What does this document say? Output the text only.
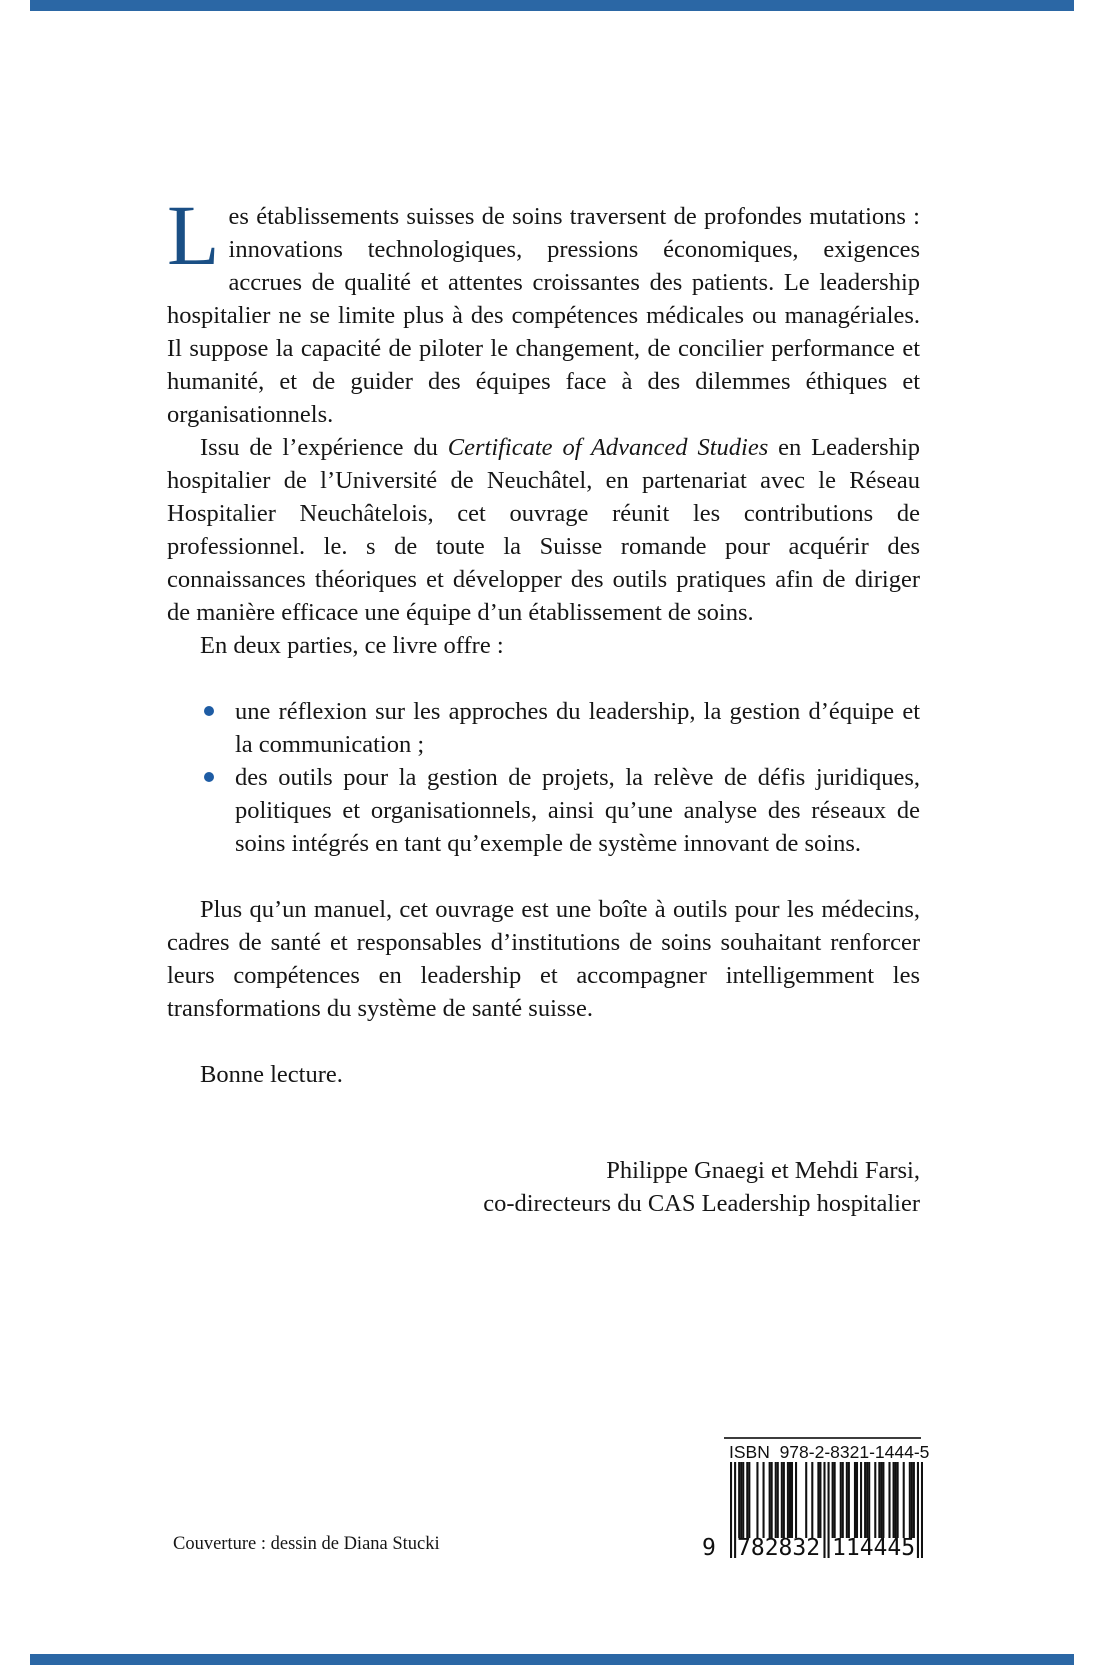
Les établissements suisses de soins traversent de profondes mutations : innovations technologiques, pressions économiques, exigences accrues de qualité et attentes croissantes des patients. Le leadership hospitalier ne se limite plus à des compétences médicales ou managériales. Il suppose la capacité de piloter le changement, de concilier performance et humanité, et de guider des équipes face à des dilemmes éthiques et organisationnels.

Issu de l’expérience du Certificate of Advanced Studies en Leadership hospitalier de l’Université de Neuchâtel, en partenariat avec le Réseau Hospitalier Neuchâtelois, cet ouvrage réunit les contributions de professionnel. le. s de toute la Suisse romande pour acquérir des connaissances théoriques et développer des outils pratiques afin de diriger de manière efficace une équipe d’un établissement de soins.

En deux parties, ce livre offre :

une réflexion sur les approches du leadership, la gestion d’équipe et la communication ;
des outils pour la gestion de projets, la relève de défis juridiques, politiques et organisationnels, ainsi qu’une analyse des réseaux de soins intégrés en tant qu’exemple de système innovant de soins.

Plus qu’un manuel, cet ouvrage est une boîte à outils pour les médecins, cadres de santé et responsables d’institutions de soins souhaitant renforcer leurs compétences en leadership et accompagner intelligemment les transformations du système de santé suisse.

Bonne lecture.

Philippe Gnaegi et Mehdi Farsi,
co-directeurs du CAS Leadership hospitalier
Couverture : dessin de Diana Stucki
ISBN  978-2-8321-1444-5
9 782832 114445
